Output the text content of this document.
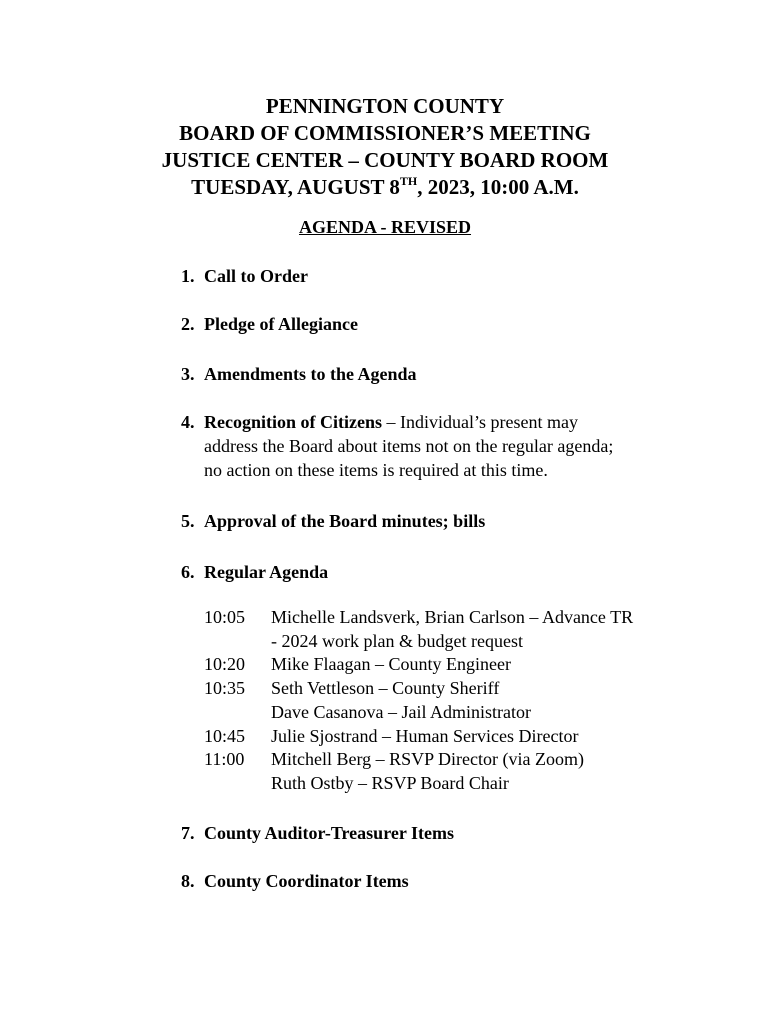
PENNINGTON COUNTY
BOARD OF COMMISSIONER’S MEETING
JUSTICE CENTER – COUNTY BOARD ROOM
TUESDAY, AUGUST 8TH, 2023, 10:00 A.M.
AGENDA - REVISED
1. Call to Order
2. Pledge of Allegiance
3. Amendments to the Agenda
4. Recognition of Citizens – Individual’s present may
address the Board about items not on the regular agenda;
no action on these items is required at this time.
5. Approval of the Board minutes; bills
6. Regular Agenda
10:05	Michelle Landsverk, Brian Carlson – Advance TR
- 2024 work plan & budget request
10:20	Mike Flaagan – County Engineer
10:35	Seth Vettleson – County Sheriff
Dave Casanova – Jail Administrator
10:45	Julie Sjostrand – Human Services Director
11:00	Mitchell Berg – RSVP Director (via Zoom)
Ruth Ostby – RSVP Board Chair
7. County Auditor-Treasurer Items
8. County Coordinator Items
